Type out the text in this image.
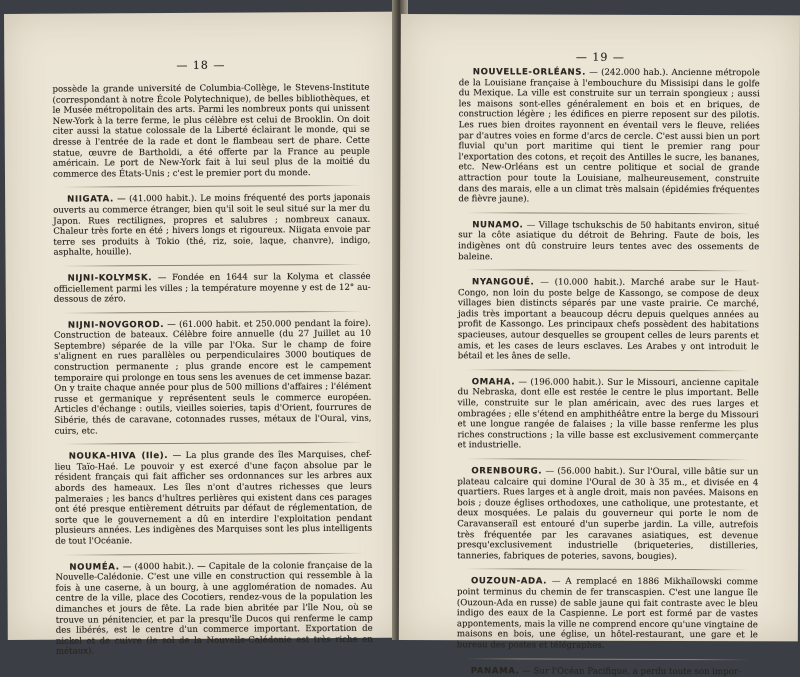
— 18 —

possède la grande université de Columbia-Collège, le Stevens-Institute (correspondant à notre École Polytechnique), de belles bibliothèques, et le Musée métropolitain des arts. Parmi les nombreux ponts qui unissent New-York à la terre ferme, le plus célèbre est celui de Brooklin. On doit citer aussi la statue colossale de la Liberté éclairant le monde, qui se dresse à l'entrée de la rade et dont le flambeau sert de phare. Cette statue, œuvre de Bartholdi, a été offerte par la France au peuple américain. Le port de New-York fait à lui seul plus de la moitié du commerce des États-Unis ; c'est le premier port du monde.

NIIGATA. — (41.000 habit.). Le moins fréquenté des ports japonais ouverts au commerce étranger, bien qu'il soit le seul situé sur la mer du Japon. Rues rectilignes, propres et salubres ; nombreux canaux. Chaleur très forte en été ; hivers longs et rigoureux. Niigata envoie par terre ses produits à Tokio (thé, riz, soie, laque, chanvre), indigo, asphalte, houille).

NIJNI-KOLYMSK. — Fondée en 1644 sur la Kolyma et classée officiellement parmi les villes ; la température moyenne y est de 12° au-dessous de zéro.

NIJNI-NOVGOROD. — (61.000 habit. et 250.000 pendant la foire). Construction de bateaux. Célèbre foire annuelle (du 27 Juillet au 10 Septembre) séparée de la ville par l'Oka. Sur le champ de foire s'alignent en rues parallèles ou perpendiculaires 3000 boutiques de construction permanente ; plus grande encore est le campement temporaire qui prolonge en tous sens les avenues de cet immense bazar. On y traite chaque année pour plus de 500 millions d'affaires ; l'élément russe et germanique y représentent seuls le commerce européen. Articles d'échange : outils, vieilles soieries, tapis d'Orient, fourrures de Sibérie, thés de caravane, cotonnades russes, métaux de l'Oural, vins, cuirs, etc.

NOUKA-HIVA (Ile). — La plus grande des îles Marquises, chef-lieu Taïo-Haé. Le pouvoir y est exercé d'une façon absolue par le résident français qui fait afficher ses ordonnances sur les arbres aux abords des hameaux. Les îles n'ont d'autres richesses que leurs palmeraies ; les bancs d'huîtres perlières qui existent dans ces parages ont été presque entièrement détruits par défaut de réglementation, de sorte que le gouvernement a dû en interdire l'exploitation pendant plusieurs années. Les indigènes des Marquises sont les plus intelligents de tout l'Océanie.

NOUMÉA. — (4000 habit.). — Capitale de la colonie française de la Nouvelle-Calédonie. C'est une ville en construction qui ressemble à la fois à une caserne, à un bourg, à une agglomération de nomades. Au centre de la ville, place des Cocotiers, rendez-vous de la population les dimanches et jours de fête. La rade bien abritée par l'île Nou, où se trouve un pénitencier, et par la presqu'île Ducos qui renferme le camp des libérés, est le centre d'un commerce important. Exportation de nickel et de cuivre (le sol de la Nouvelle-Calédonie est très riche en métaux).

— 19 —

NOUVELLE-ORLÉANS. — (242.000 hab.). Ancienne métropole de la Louisiane française à l'embouchure du Missisipi dans le golfe du Mexique. La ville est construite sur un terrain spongieux ; aussi les maisons sont-elles généralement en bois et en briques, de construction légère ; les édifices en pierre reposent sur des pilotis. Les rues bien droites rayonnent en éventail vers le fleuve, reliées par d'autres voies en forme d'arcs de cercle. C'est aussi bien un port fluvial qu'un port maritime qui tient le premier rang pour l'exportation des cotons, et reçoit des Antilles le sucre, les bananes, etc. New-Orléans est un centre politique et social de grande attraction pour toute la Louisiane, malheureusement, construite dans des marais, elle a un climat très malsain (épidémies fréquentes de fièvre jaune).

NUNAMO. — Village tschukschis de 50 habitants environ, situé sur la côte asiatique du détroit de Behring. Faute de bois, les indigènes ont dû construire leurs tentes avec des ossements de baleine.

NYANGOUÉ. — (10.000 habit.). Marché arabe sur le Haut-Congo, non loin du poste belge de Kassongo, se compose de deux villages bien distincts séparés par une vaste prairie. Ce marché, jadis très important a beaucoup décru depuis quelques années au profit de Kassongo. Les principaux chefs possèdent des habitations spacieuses, autour desquelles se groupent celles de leurs parents et amis, et les cases de leurs esclaves. Les Arabes y ont introduit le bétail et les ânes de selle.

OMAHA. — (196.000 habit.). Sur le Missouri, ancienne capitale du Nebraska, dont elle est restée le centre le plus important. Belle ville, construite sur le plan américain, avec des rues larges et ombragées ; elle s'étend en amphithéâtre entre la berge du Missouri et une longue rangée de falaises ; la ville basse renferme les plus riches constructions ; la ville basse est exclusivement commerçante et industrielle.

ORENBOURG. — (56.000 habit.). Sur l'Oural, ville bâtie sur un plateau calcaire qui domine l'Oural de 30 à 35 m., et divisée en 4 quartiers. Rues larges et à angle droit, mais non pavées. Maisons en bois ; douze églises orthodoxes, une catholique, une protestante, et deux mosquées. Le palais du gouverneur qui porte le nom de Caravanseraïl est entouré d'un superbe jardin. La ville, autrefois très fréquentée par les caravanes asiatiques, est devenue presqu'exclusivement industrielle (briqueteries, distilleries, tanneries, fabriques de poteries, savons, bougies).

OUZOUN-ADA. — A remplacé en 1886 Mikhaïlowski comme point terminus du chemin de fer transcaspien. C'est une langue île (Ouzoun-Ada en russe) de sable jaune qui fait contraste avec le bleu indigo des eaux de la Caspienne. Le port est formé par de vastes appontements, mais la ville ne comprend encore qu'une vingtaine de maisons en bois, une église, un hôtel-restaurant, une gare et le bureau des postes et télégraphes.

PANAMA. — Sur l'Océan Pacifique, a perdu toute son impor-
